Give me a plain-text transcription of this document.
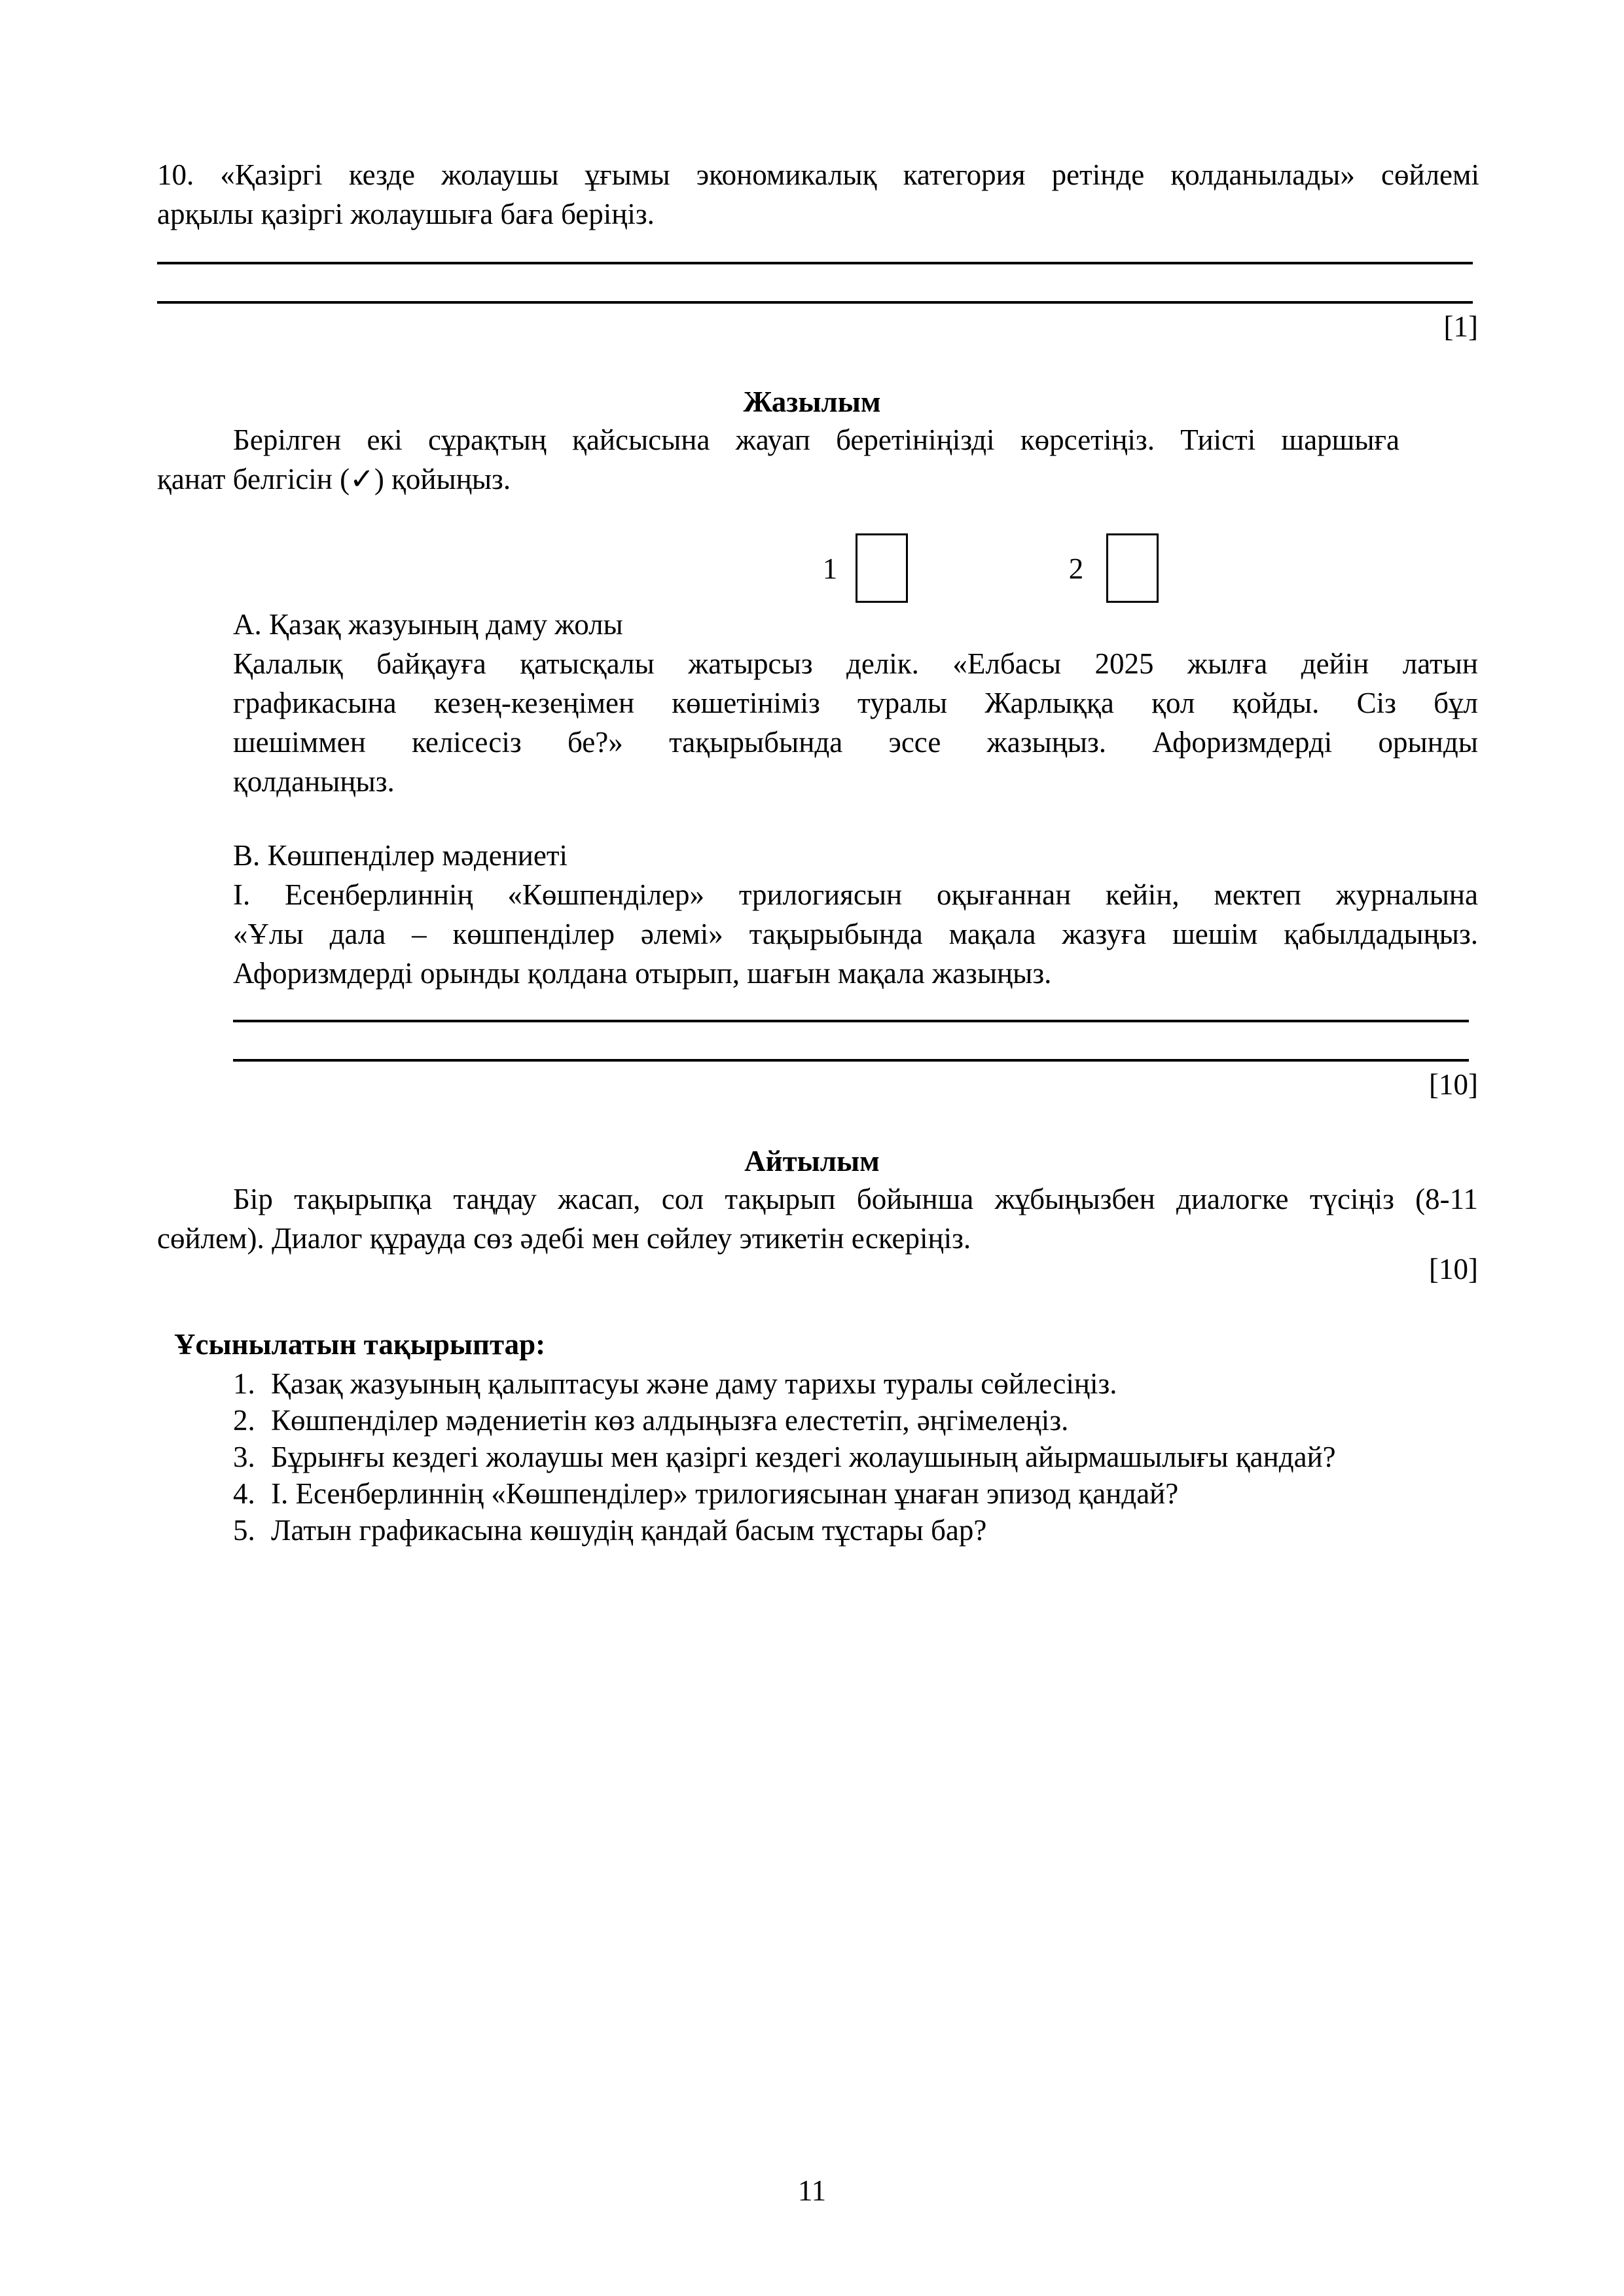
10. «Қазіргі кезде жолаушы ұғымы экономикалық категория ретінде қолданылады» сөйлемі
арқылы қазіргі жолаушыға баға беріңіз.
[1]
Жазылым
Берілген екі сұрақтың қайсысына жауап беретініңізді көрсетіңіз. Тиісті шаршыға
қанат белгісін (✓) қойыңыз.
1	2
А. Қазақ жазуының даму жолы
Қалалық байқауға қатысқалы жатырсыз делік. «Елбасы 2025 жылға дейін латын
графикасына кезең-кезеңімен көшетініміз туралы Жарлыққа қол қойды. Сіз бұл
шешіммен келісесіз бе?» тақырыбында эссе жазыңыз. Афоризмдерді орынды
қолданыңыз.
В. Көшпенділер мәдениеті
І. Есенберлиннің «Көшпенділер» трилогиясын оқығаннан кейін, мектеп журналына
«Ұлы дала – көшпенділер әлемі» тақырыбында мақала жазуға шешім қабылдадыңыз.
Афоризмдерді орынды қолдана отырып, шағын мақала жазыңыз.
[10]
Айтылым
Бір тақырыпқа таңдау жасап, сол тақырып бойынша жұбыңызбен диалогке түсіңіз (8-11
сөйлем). Диалог құрауда сөз әдебі мен сөйлеу этикетін ескеріңіз.
[10]
Ұсынылатын тақырыптар:
1. Қазақ жазуының қалыптасуы және даму тарихы туралы сөйлесіңіз.
2. Көшпенділер мәдениетін көз алдыңызға елестетіп, әңгімелеңіз.
3. Бұрынғы кездегі жолаушы мен қазіргі кездегі жолаушының айырмашылығы қандай?
4. І. Есенберлиннің «Көшпенділер» трилогиясынан ұнаған эпизод қандай?
5. Латын графикасына көшудің қандай басым тұстары бар?
11
